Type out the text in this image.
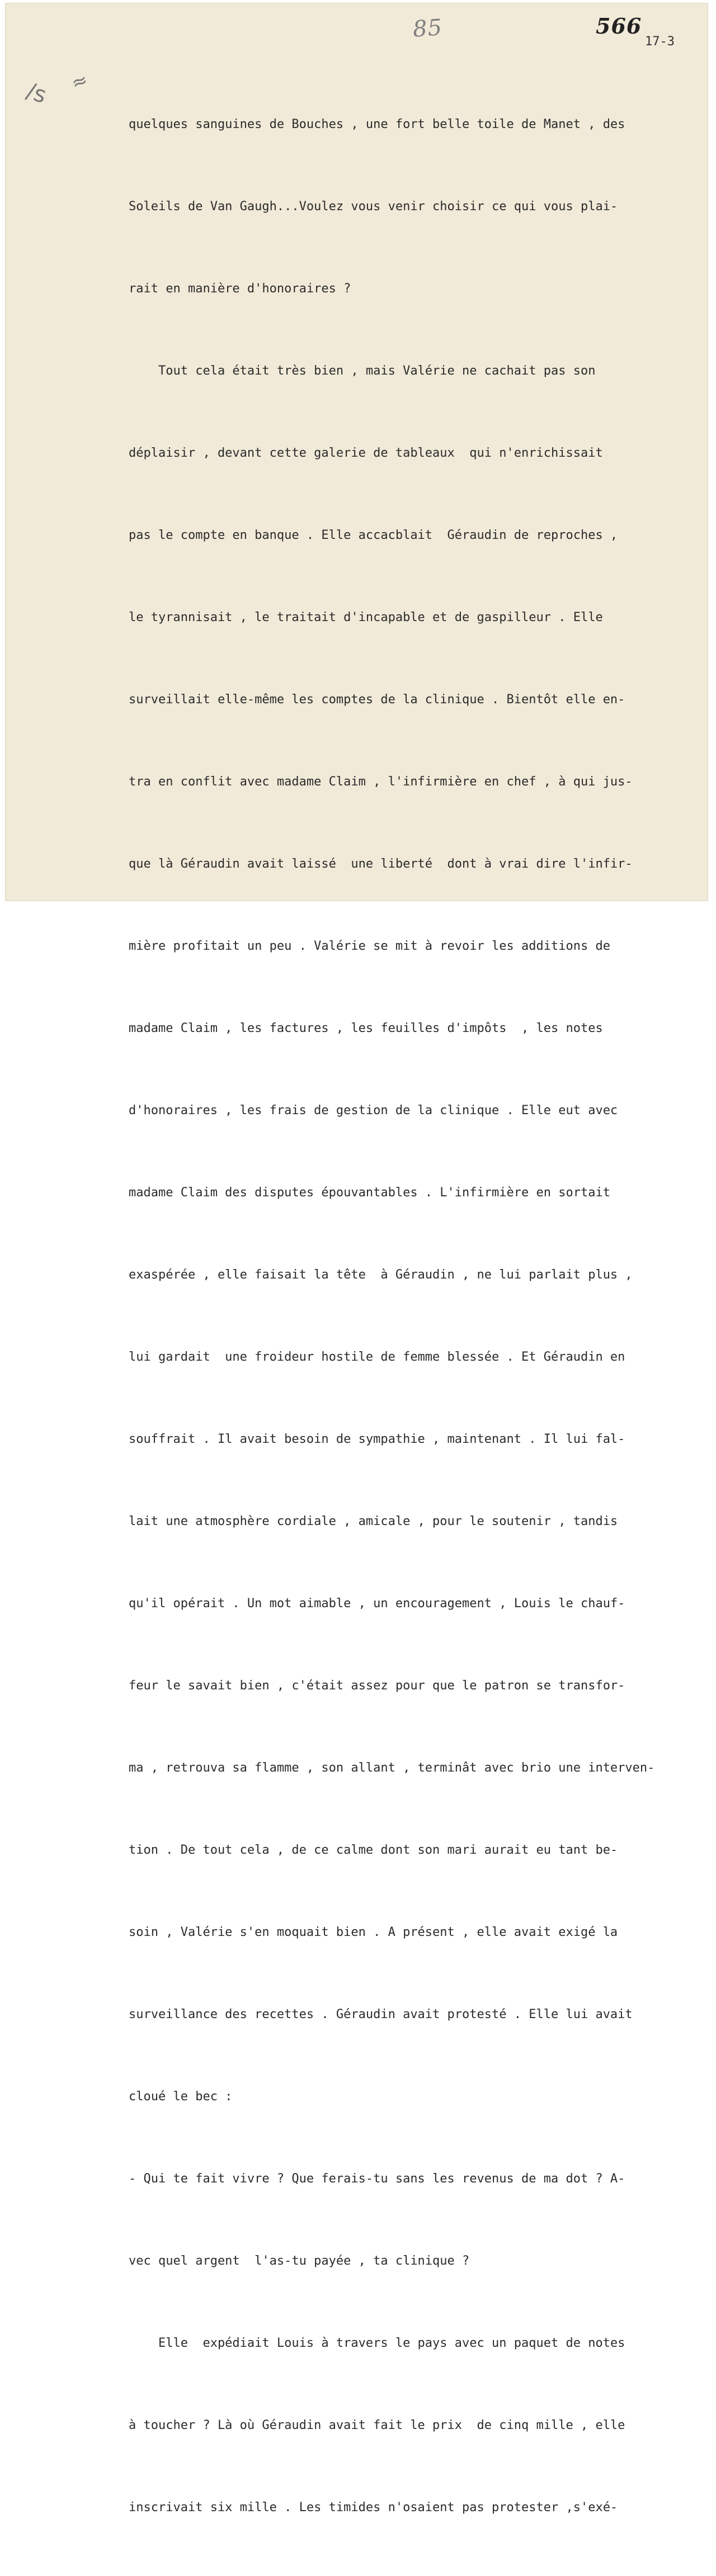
85	566
17-3
/s ≈

quelques sanguines de Bouches , une fort belle toile de Manet , des

Soleils de Van Gaugh...Voulez vous venir choisir ce qui vous plai-

rait en manière d'honoraires ?

Tout cela était très bien , mais Valérie ne cachait pas son

déplaisir , devant cette galerie de tableaux  qui n'enrichissait

pas le compte en banque . Elle accacblait  Géraudin de reproches ,

le tyrannisait , le traitait d'incapable et de gaspilleur . Elle

surveillait elle-même les comptes de la clinique . Bientôt elle en-

tra en conflit avec madame Claim , l'infirmière en chef , à qui jus-

que là Géraudin avait laissé  une liberté  dont à vrai dire l'infir-

mière profitait un peu . Valérie se mit à revoir les additions de

madame Claim , les factures , les feuilles d'impôts  , les notes

d'honoraires , les frais de gestion de la clinique . Elle eut avec

madame Claim des disputes épouvantables . L'infirmière en sortait

exaspérée , elle faisait la tête  à Géraudin , ne lui parlait plus ,

lui gardait  une froideur hostile de femme blessée . Et Géraudin en

souffrait . Il avait besoin de sympathie , maintenant . Il lui fal-

lait une atmosphère cordiale , amicale , pour le soutenir , tandis

qu'il opérait . Un mot aimable , un encouragement , Louis le chauf-

feur le savait bien , c'était assez pour que le patron se transfor-

ma , retrouva sa flamme , son allant , terminât avec brio une interven-

tion . De tout cela , de ce calme dont son mari aurait eu tant be-

soin , Valérie s'en moquait bien . A présent , elle avait exigé la

surveillance des recettes . Géraudin avait protesté . Elle lui avait

cloué le bec :

- Qui te fait vivre ? Que ferais-tu sans les revenus de ma dot ? A-

vec quel argent  l'as-tu payée , ta clinique ?

Elle  expédiait Louis à travers le pays avec un paquet de notes

à toucher ? Là où Géraudin avait fait le prix  de cinq mille , elle

inscrivait six mille . Les timides n'osaient pas protester ,s'exé-
